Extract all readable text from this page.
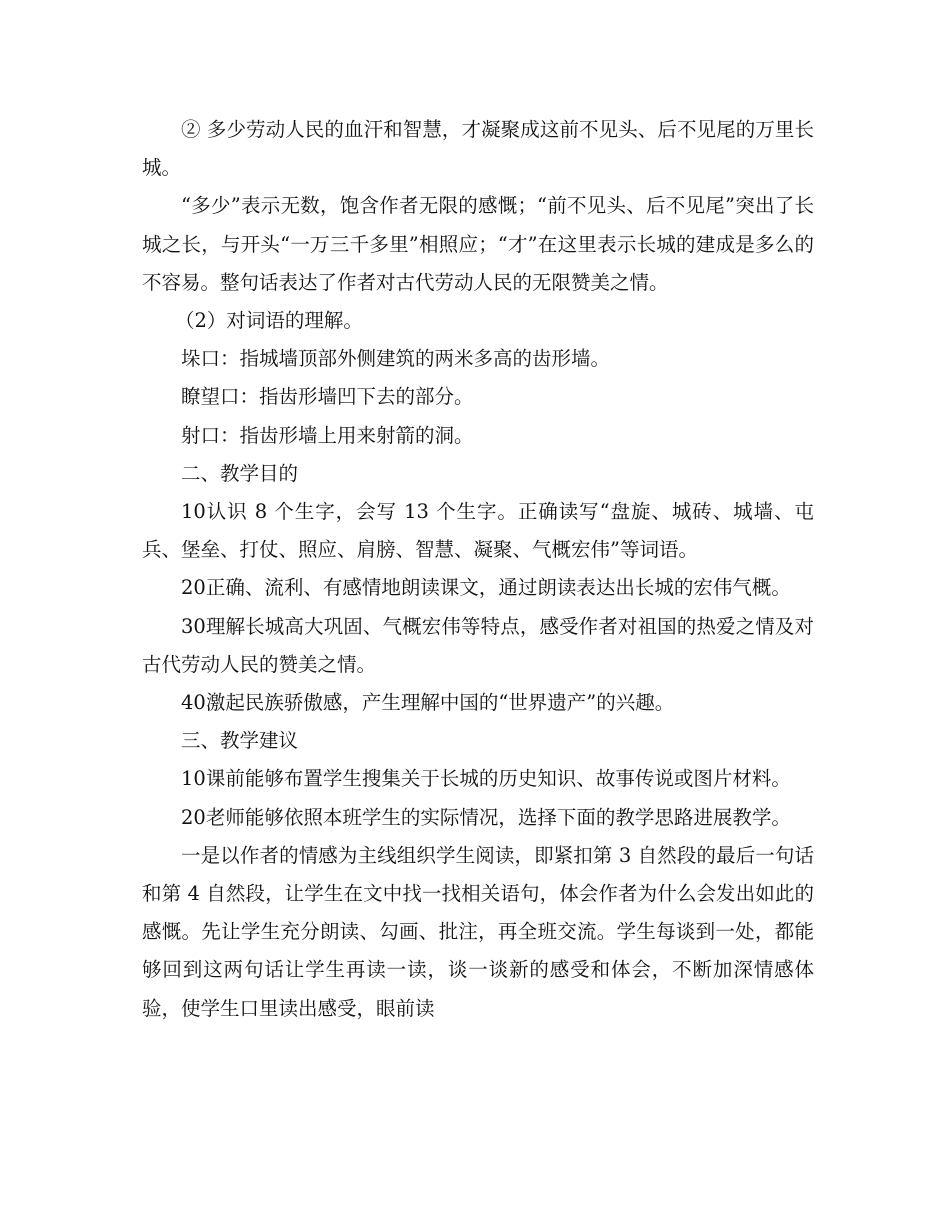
② 多少劳动人民的血汗和智慧，才凝聚成这前不见头、后不见尾的万里长城。

“多少”表示无数，饱含作者无限的感慨；“前不见头、后不见尾”突出了长城之长，与开头“一万三千多里”相照应；“才”在这里表示长城的建成是多么的不容易。整句话表达了作者对古代劳动人民的无限赞美之情。

（2）对词语的理解。

垛口：指城墙顶部外侧建筑的两米多高的齿形墙。

瞭望口：指齿形墙凹下去的部分。

射口：指齿形墙上用来射箭的洞。

二、教学目的

10认识 8 个生字，会写 13 个生字。正确读写“盘旋、城砖、城墙、屯兵、堡垒、打仗、照应、肩膀、智慧、凝聚、气概宏伟”等词语。

20正确、流利、有感情地朗读课文，通过朗读表达出长城的宏伟气概。

30理解长城高大巩固、气概宏伟等特点，感受作者对祖国的热爱之情及对古代劳动人民的赞美之情。

40激起民族骄傲感，产生理解中国的“世界遗产”的兴趣。

三、教学建议

10课前能够布置学生搜集关于长城的历史知识、故事传说或图片材料。

20老师能够依照本班学生的实际情况，选择下面的教学思路进展教学。

一是以作者的情感为主线组织学生阅读，即紧扣第 3 自然段的最后一句话和第 4 自然段，让学生在文中找一找相关语句，体会作者为什么会发出如此的感慨。先让学生充分朗读、勾画、批注，再全班交流。学生每谈到一处，都能够回到这两句话让学生再读一读，谈一谈新的感受和体会，不断加深情感体验，使学生口里读出感受，眼前读
